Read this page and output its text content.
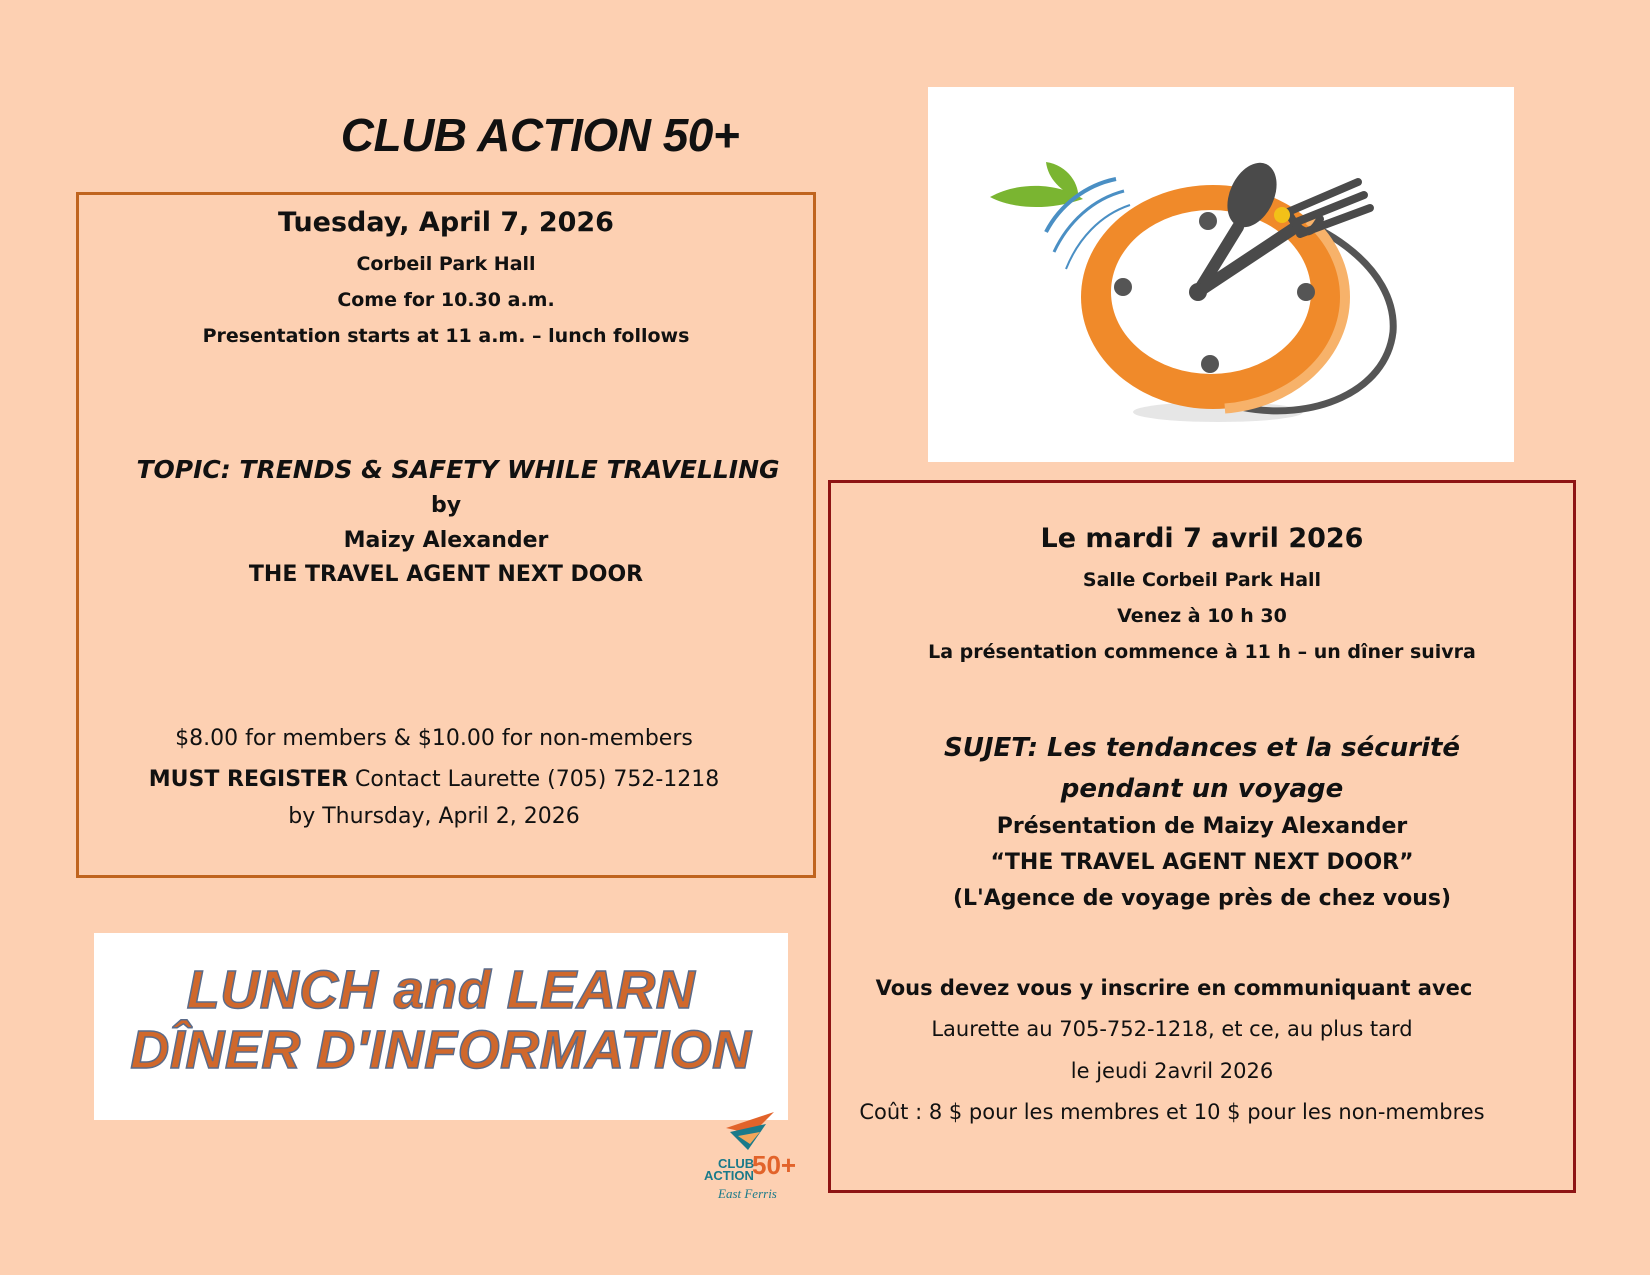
CLUB ACTION 50+
Tuesday, April 7, 2026
Corbeil Park Hall
Come for 10.30 a.m.
Presentation starts at 11 a.m. – lunch follows
TOPIC: TRENDS & SAFETY WHILE TRAVELLING
by
Maizy Alexander
THE TRAVEL AGENT NEXT DOOR
$8.00 for members & $10.00 for non-members
MUST REGISTER Contact Laurette (705) 752-1218
by Thursday, April 2, 2026
Le mardi 7 avril 2026
Salle Corbeil Park Hall
Venez à 10 h 30
La présentation commence à 11 h – un dîner suivra
SUJET: Les tendances et la sécurité
pendant un voyage
Présentation de Maizy Alexander
“THE TRAVEL AGENT NEXT DOOR”
(L'Agence de voyage près de chez vous)
Vous devez vous y inscrire en communiquant avec
Laurette au 705-752-1218, et ce, au plus tard
le jeudi 2avril 2026
Coût : 8 $ pour les membres et 10 $ pour les non-membres
LUNCH and LEARN
DÎNER D'INFORMATION
CLUB
ACTION
50+
East Ferris
